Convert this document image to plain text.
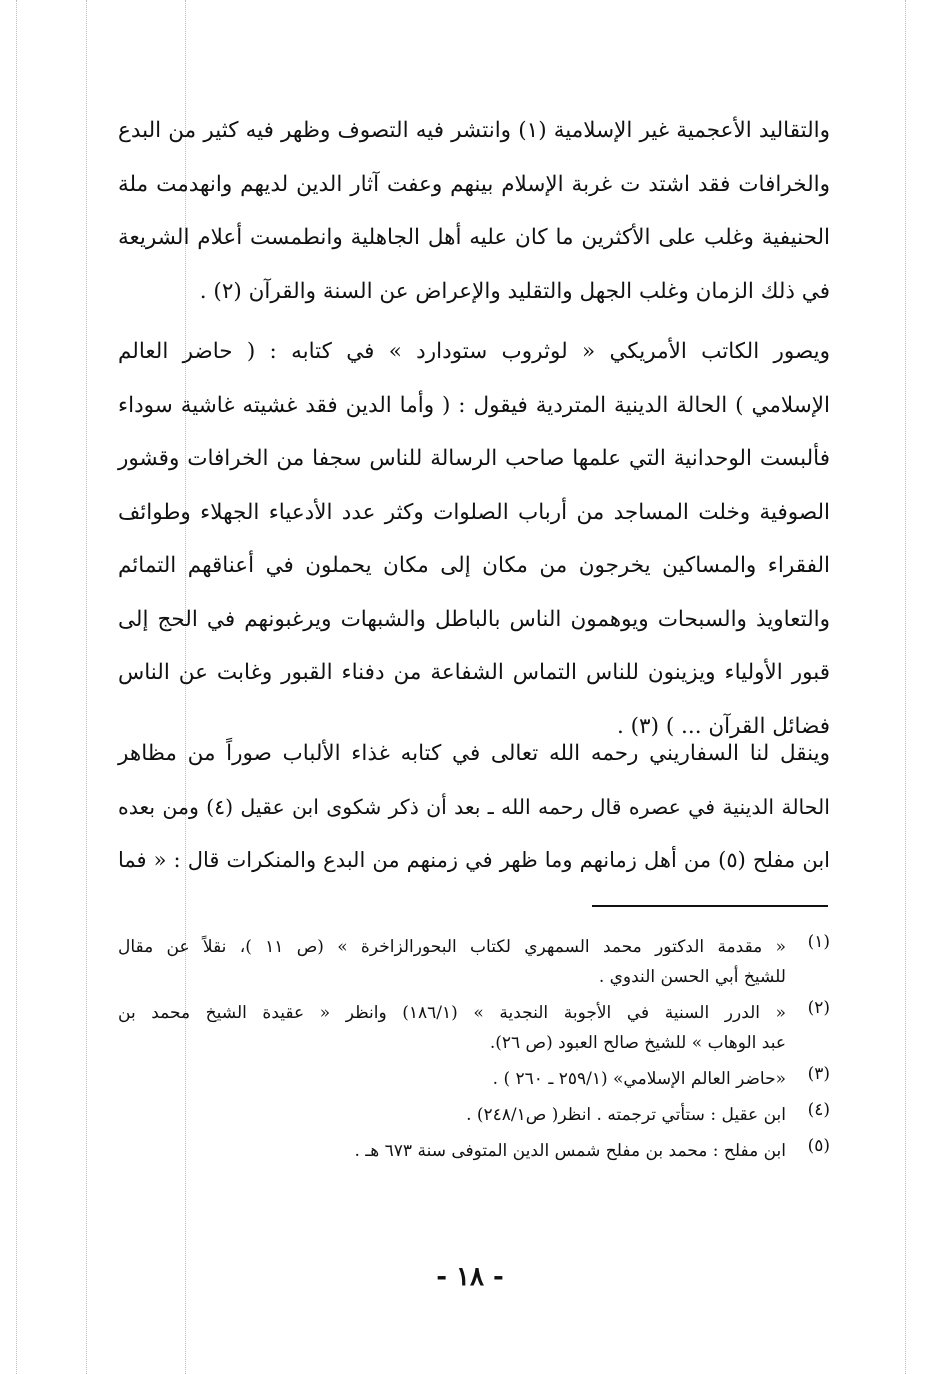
والتقاليد الأعجمية غير الإسلامية (١) وانتشر فيه التصوف وظهر فيه كثير من البدع
والخرافات فقد اشتد ت غربة الإسلام بينهم وعفت آثار الدين لديهم وانهدمت ملة
الحنيفية وغلب على الأكثرين ما كان عليه أهل الجاهلية وانطمست أعلام الشريعة
في ذلك الزمان وغلب الجهل والتقليد والإعراض عن السنة والقرآن (٢) .
ويصور الكاتب الأمريكي « لوثروب ستودارد » في كتابه : ( حاضر العالم
الإسلامي ) الحالة الدينية المتردية فيقول : ( وأما الدين فقد غشيته غاشية سوداء
فألبست الوحدانية التي علمها صاحب الرسالة للناس سجفا من الخرافات وقشور
الصوفية وخلت المساجد من أرباب الصلوات وكثر عدد الأدعياء الجهلاء وطوائف
الفقراء والمساكين يخرجون من مكان إلى مكان يحملون في أعناقهم التمائم
والتعاويذ والسبحات ويوهمون الناس بالباطل والشبهات ويرغبونهم في الحج إلى
قبور الأولياء ويزينون للناس التماس الشفاعة من دفناء القبور وغابت عن الناس
فضائل القرآن ... ) (٣) .
وينقل لنا السفاريني رحمه الله تعالى في كتابه غذاء الألباب صوراً من مظاهر
الحالة الدينية في عصره قال رحمه الله ـ بعد أن ذكر شكوى ابن عقيل (٤) ومن بعده
ابن مفلح (٥) من أهل زمانهم وما ظهر في زمنهم من البدع والمنكرات قال : « فما
(١)
« مقدمة الدكتور محمد السمهري لكتاب البحورالزاخرة » (ص ١١ )، نقلاً عن مقال
للشيخ أبي الحسن الندوي .
(٢)
« الدرر السنية في الأجوبة النجدية » (١٨٦/١) وانظر « عقيدة الشيخ محمد بن
عبد الوهاب » للشيخ صالح العبود (ص ٢٦).
(٣)
«حاضر العالم الإسلامي» (٢٥٩/١ ـ ٢٦٠ ) .
(٤)
ابن عقيل : ستأتي ترجمته . انظر( ص٢٤٨/١) .
(٥)
ابن مفلح : محمد بن مفلح شمس الدين المتوفى سنة ٦٧٣ هـ .
- ١٨ -
